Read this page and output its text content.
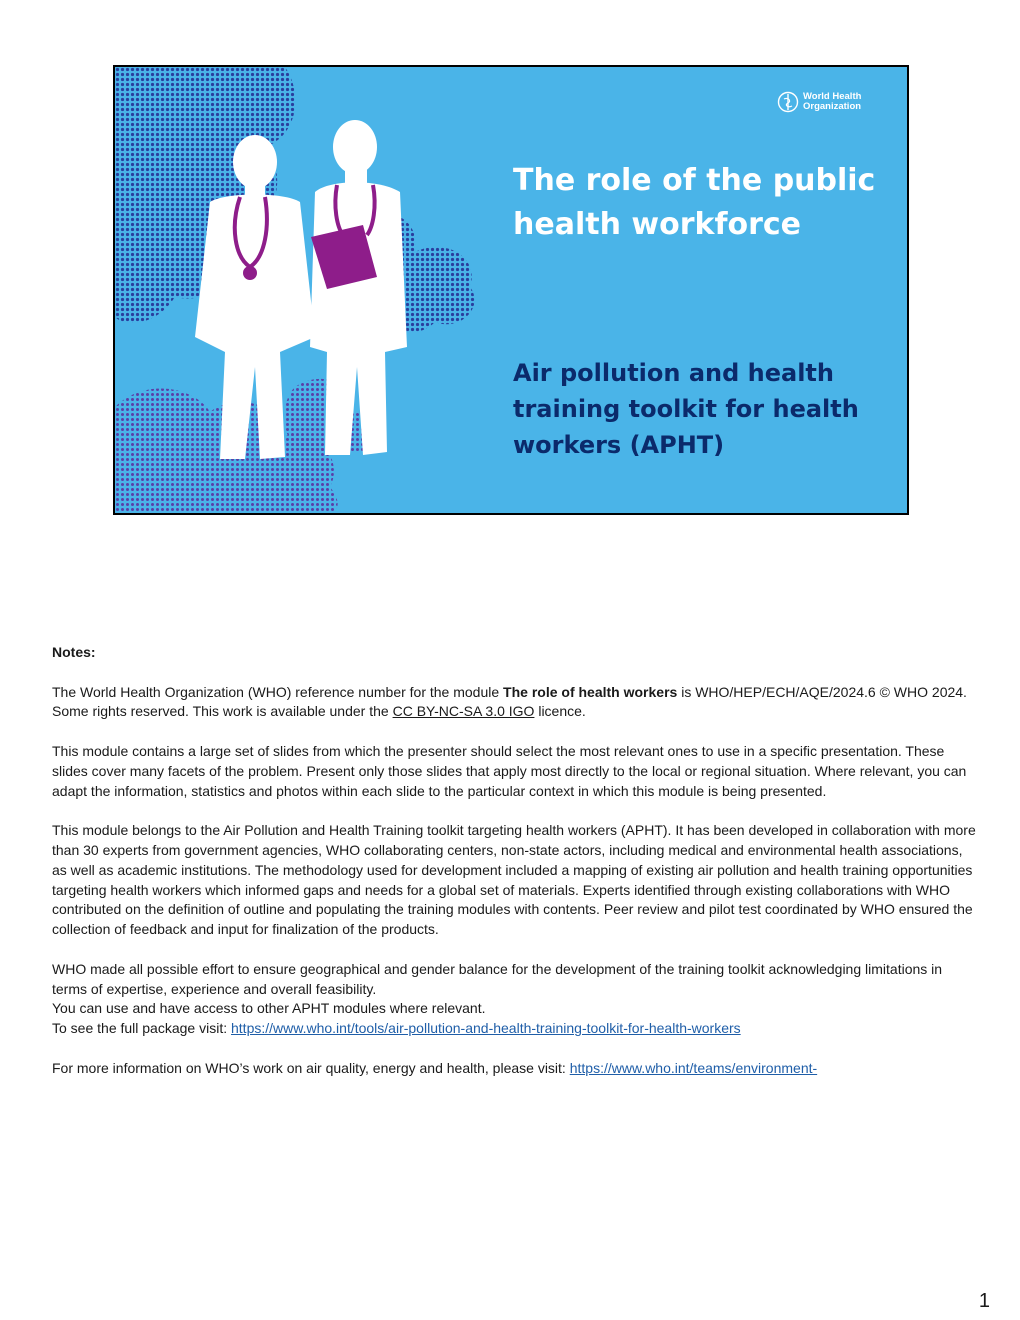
World Health Organization
The role of the public health workforce
Air pollution and health training toolkit for health workers (APHT)

Notes:

The World Health Organization (WHO) reference number for the module The role of health workers is WHO/HEP/ECH/AQE/2024.6 © WHO 2024. Some rights reserved. This work is available under the CC BY-NC-SA 3.0 IGO licence.

This module contains a large set of slides from which the presenter should select the most relevant ones to use in a specific presentation. These slides cover many facets of the problem. Present only those slides that apply most directly to the local or regional situation. Where relevant, you can adapt the information, statistics and photos within each slide to the particular context in which this module is being presented.

This module belongs to the Air Pollution and Health Training toolkit targeting health workers (APHT). It has been developed in collaboration with more than 30 experts from government agencies, WHO collaborating centers, non-state actors, including medical and environmental health associations, as well as academic institutions. The methodology used for development included a mapping of existing air pollution and health training opportunities targeting health workers which informed gaps and needs for a global set of materials. Experts identified through existing collaborations with WHO contributed on the definition of outline and populating the training modules with contents. Peer review and pilot test coordinated by WHO ensured the collection of feedback and input for finalization of the products.

WHO made all possible effort to ensure geographical and gender balance for the development of the training toolkit acknowledging limitations in terms of expertise, experience and overall feasibility.
You can use and have access to other APHT modules where relevant.
To see the full package visit: https://www.who.int/tools/air-pollution-and-health-training-toolkit-for-health-workers

For more information on WHO’s work on air quality, energy and health, please visit: https://www.who.int/teams/environment-

1
